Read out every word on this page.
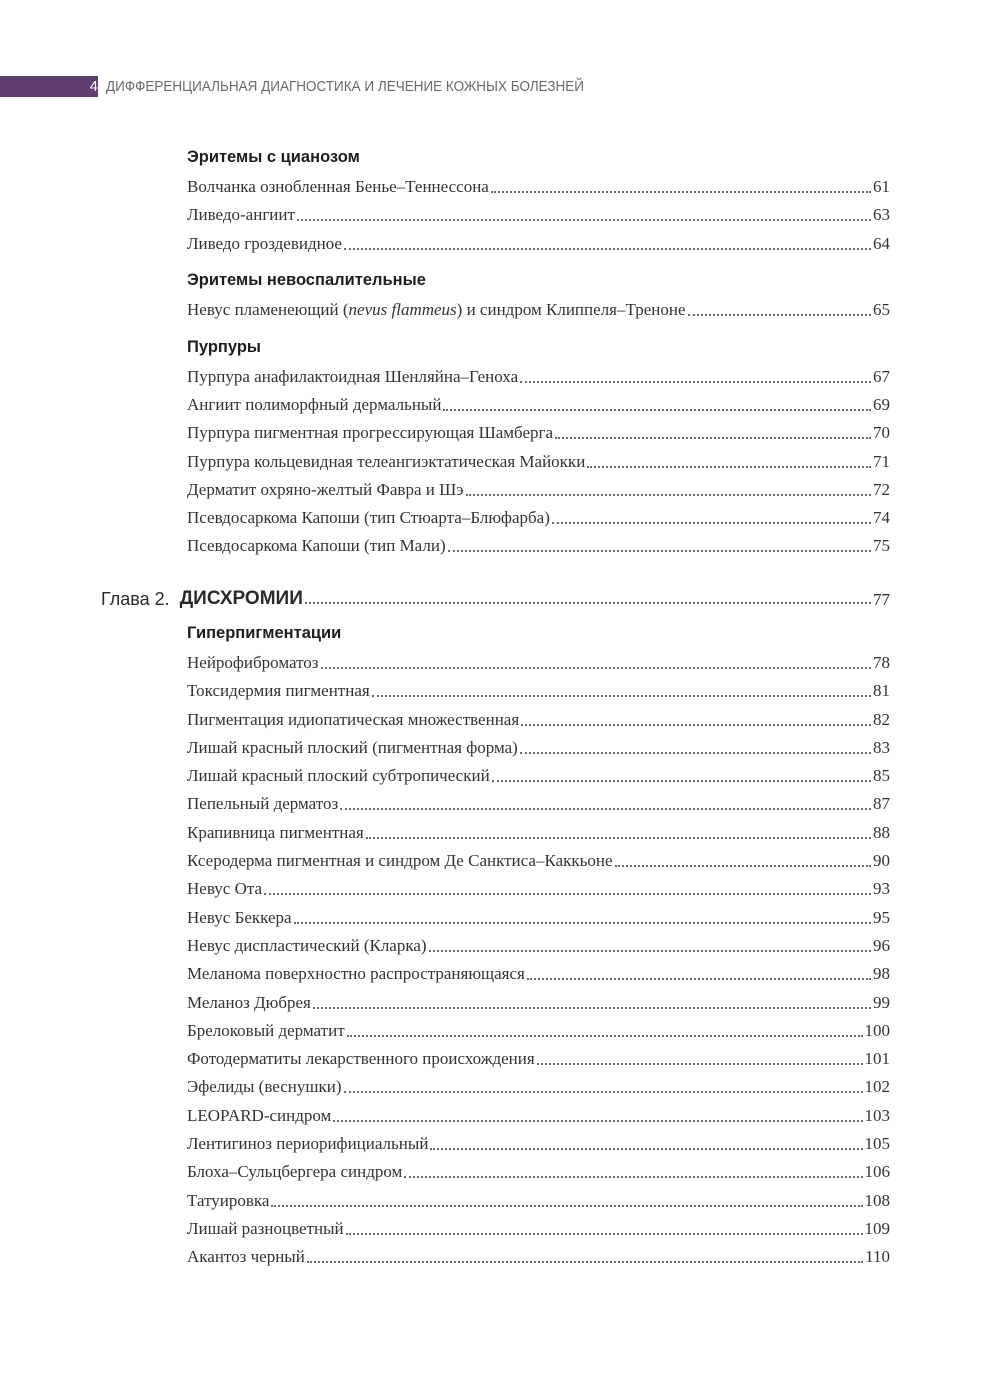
4 ДИФФЕРЕНЦИАЛЬНАЯ ДИАГНОСТИКА И ЛЕЧЕНИЕ КОЖНЫХ БОЛЕЗНЕЙ
Эритемы с цианозом
Волчанка ознобленная Бенье–Теннессона	61
Ливедо-ангиит	63
Ливедо гроздевидное	64
Эритемы невоспалительные
Невус пламенеющий (nevus flammeus) и синдром Клиппеля–Треноне	65
Пурпуры
Пурпура анафилактоидная Шенляйна–Геноха	67
Ангиит полиморфный дермальный	69
Пурпура пигментная прогрессирующая Шамберга	70
Пурпура кольцевидная телеангиэктатическая Майокки	71
Дерматит охряно-желтый Фавра и Шэ	72
Псевдосаркома Капоши (тип Стюарта–Блюфарба)	74
Псевдосаркома Капоши (тип Мали)	75
Глава 2. ДИСХРОМИИ	77
Гиперпигментации
Нейрофиброматоз	78
Токсидермия пигментная	81
Пигментация идиопатическая множественная	82
Лишай красный плоский (пигментная форма)	83
Лишай красный плоский субтропический	85
Пепельный дерматоз	87
Крапивница пигментная	88
Ксеродерма пигментная и синдром Де Санктиса–Каккьоне	90
Невус Ота	93
Невус Беккера	95
Невус диспластический (Кларка)	96
Меланома поверхностно распространяющаяся	98
Меланоз Дюбрея	99
Брелоковый дерматит	100
Фотодерматиты лекарственного происхождения	101
Эфелиды (веснушки)	102
LEOPARD-синдром	103
Лентигиноз периорифициальный	105
Блоха–Сульцбергера синдром	106
Татуировка	108
Лишай разноцветный	109
Акантоз черный	110
